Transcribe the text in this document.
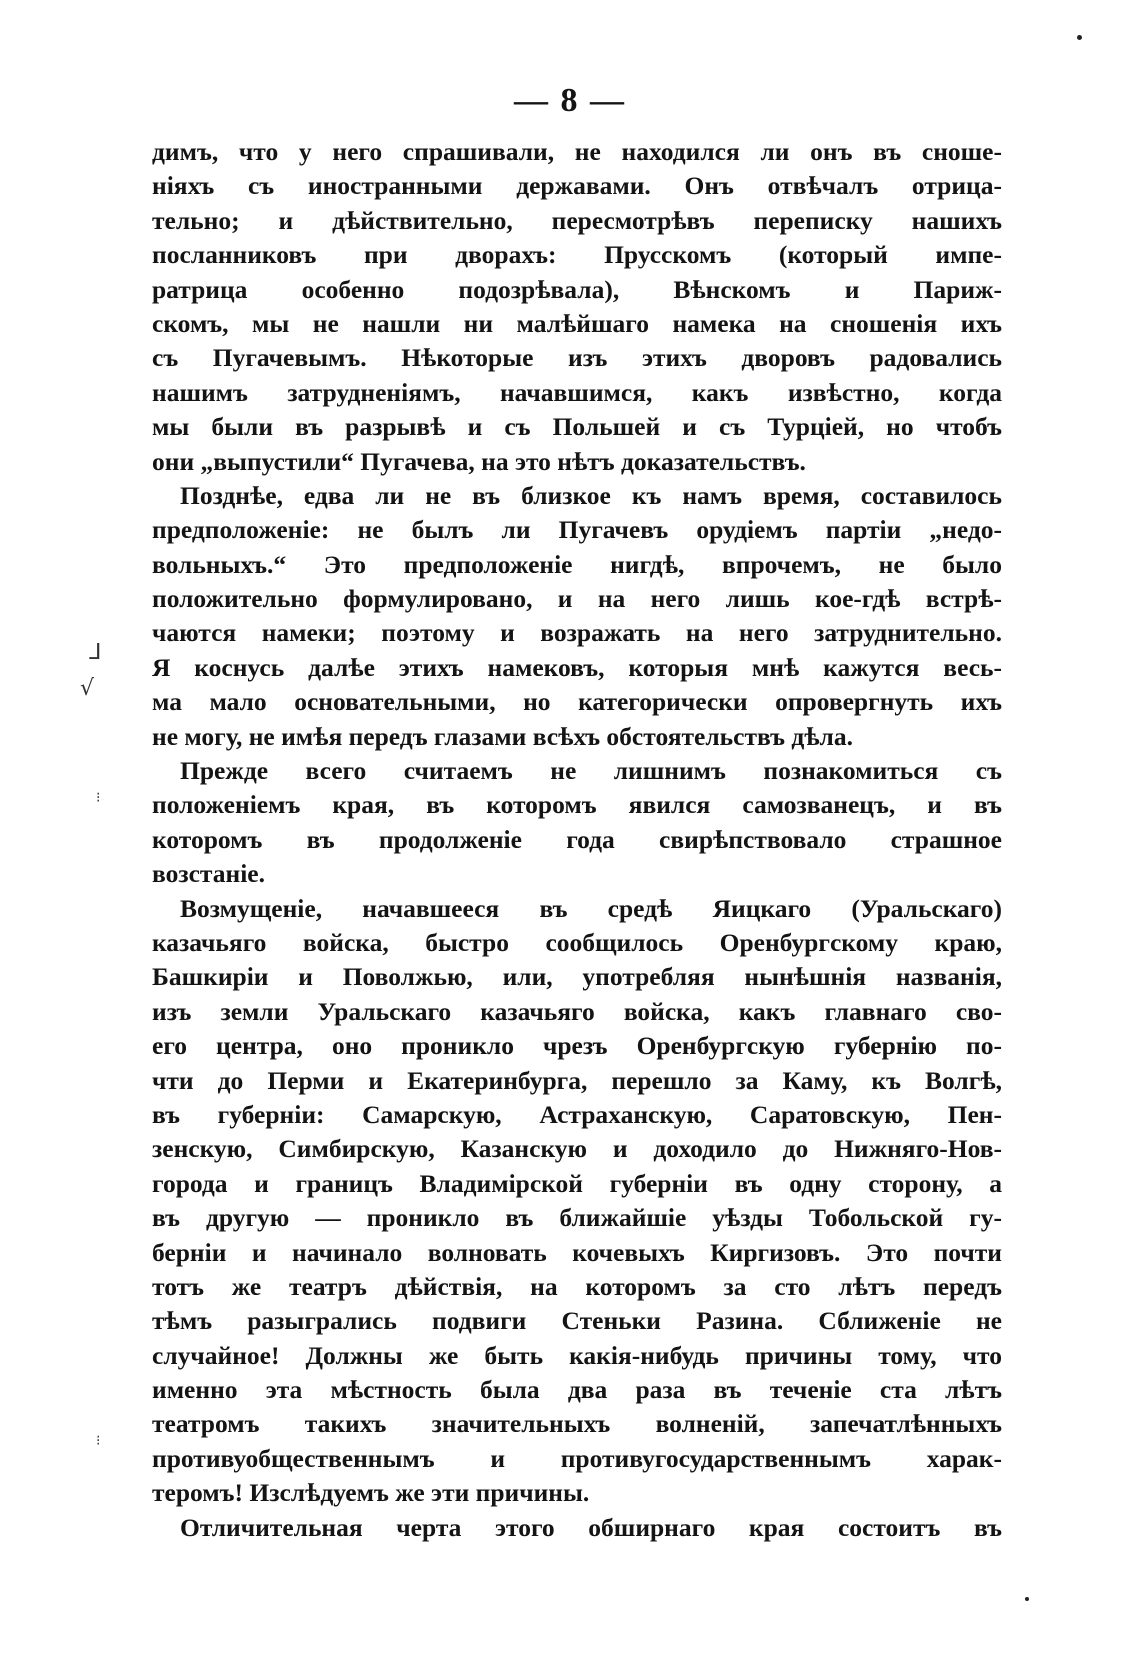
— 8 —
димъ, что у него спрашивали, не находился ли онъ въ снoше-
ніяхъ съ иностранными державами. Онъ отвѣчалъ отрица-
тельно; и дѣйствительно, пересмотрѣвъ переписку нашихъ
посланниковъ при дворахъ: Прусскомъ (который импе-
ратрица особенно подозрѣвала), Вѣнскомъ и Париж-
скомъ, мы не нашли ни малѣйшаго намека на сношенія ихъ
съ Пугачевымъ. Нѣкоторые изъ этихъ дворовъ радовались
нашимъ затрудненіямъ, начавшимся, какъ извѣстно, когда
мы были въ разрывѣ и съ Польшей и съ Турціей, но чтобъ
они „выпустили“ Пугачева, на это нѣтъ доказательствъ.
Позднѣе, едва ли не въ близкое къ намъ время, составилось
предположеніе: не былъ ли Пугачевъ орудіемъ партіи „недо-
вольныхъ.“ Это предположеніе нигдѣ, впрочемъ, не было
положительно формулировано, и на него лишь кое-гдѣ встрѣ-
чаются намеки; поэтому и возражать на него затруднительно.
Я коснусь далѣе этихъ намековъ, которыя мнѣ кажутся весь-
ма мало основательными, но категорически опровергнуть ихъ
не могу, не имѣя передъ глазами всѣхъ обстоятельствъ дѣла.
Прежде всего считаемъ не лишнимъ познакомиться съ
положеніемъ края, въ которомъ явился самозванецъ, и въ
которомъ въ продолженіе года свирѣпствовало страшное
возстаніе.
Возмущеніе, начавшееся въ средѣ Яицкаго (Уральскаго)
казачьяго войска, быстро сообщилось Оренбургскому краю,
Башкиріи и Поволжью, или, употребляя нынѣшнія названія,
изъ земли Уральскаго казачьяго войска, какъ главнаго сво-
его центра, оно проникло чрезъ Оренбургскую губернію по-
чти до Перми и Екатеринбурга, перешло за Каму, къ Волгѣ,
въ губерніи: Самарскую, Астраханскую, Саратовскую, Пен-
зенскую, Симбирскую, Казанскую и доходило до Нижняго-Нов-
города и границъ Владимірской губерніи въ одну сторону, а
въ другую — проникло въ ближайшіе уѣзды Тобольской гу-
берніи и начинало волновать кочевыхъ Киргизовъ. Это почти
тотъ же театръ дѣйствія, на которомъ за сто лѣтъ передъ
тѣмъ разыгрались подвиги Стеньки Разина. Сближеніе не
случайное! Должны же быть какія-нибудь причины тому, что
именно эта мѣстность была два раза въ теченіе ста лѣтъ
театромъ такихъ значительныхъ волненій, запечатлѣнныхъ
противуобщественнымъ и противугосударственнымъ харак-
теромъ! Изслѣдуемъ же эти причины.
Отличительная черта этого обширнаго края состоитъ въ
ᒧ
√
⁝
⁝
